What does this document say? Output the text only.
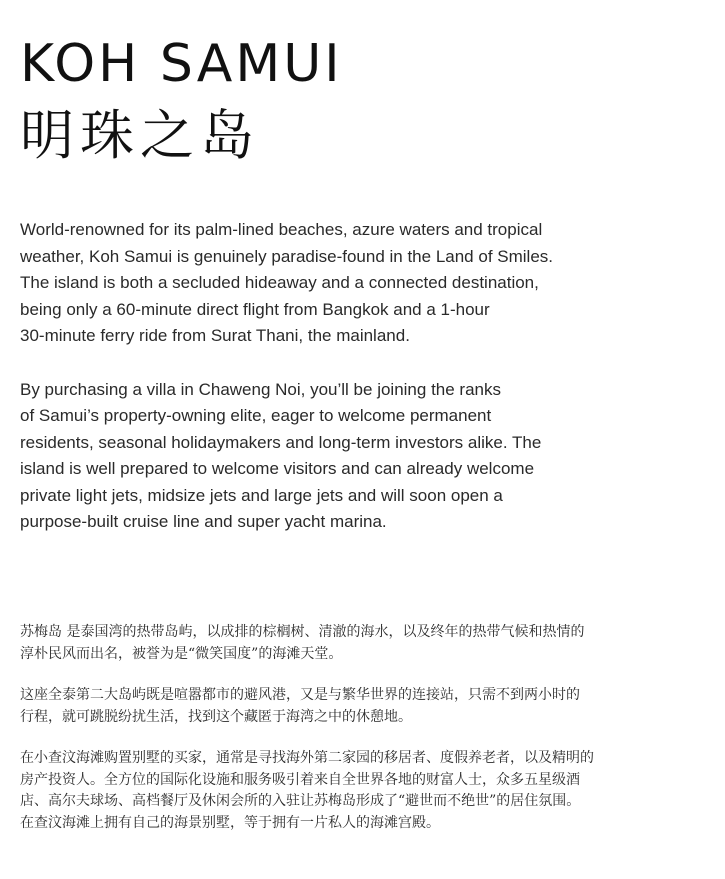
KOH SAMUI
明珠之岛

World-renowned for its palm-lined beaches, azure waters and tropical
weather, Koh Samui is genuinely paradise-found in the Land of Smiles.
The island is both a secluded hideaway and a connected destination,
being only a 60-minute direct flight from Bangkok and a 1-hour
30-minute ferry ride from Surat Thani, the mainland.

By purchasing a villa in Chaweng Noi, you’ll be joining the ranks
of Samui’s property-owning elite, eager to welcome permanent
residents, seasonal holidaymakers and long-term investors alike. The
island is well prepared to welcome visitors and can already welcome
private light jets, midsize jets and large jets and will soon open a
purpose-built cruise line and super yacht marina.

苏梅岛 是泰国湾的热带岛屿，以成排的棕榈树、清澈的海水，以及终年的热带气候和热情的
淳朴民风而出名，被誉为是“微笑国度”的海滩天堂。

这座全泰第二大岛屿既是喧嚣都市的避风港，又是与繁华世界的连接站，只需不到两小时的
行程，就可跳脱纷扰生活，找到这个藏匿于海湾之中的休憩地。

在小查汶海滩购置别墅的买家，通常是寻找海外第二家园的移居者、度假养老者，以及精明的
房产投资人。全方位的国际化设施和服务吸引着来自全世界各地的财富人士，众多五星级酒
店、高尔夫球场、高档餐厅及休闲会所的入驻让苏梅岛形成了“避世而不绝世”的居住氛围。
在查汶海滩上拥有自己的海景别墅，等于拥有一片私人的海滩宫殿。
